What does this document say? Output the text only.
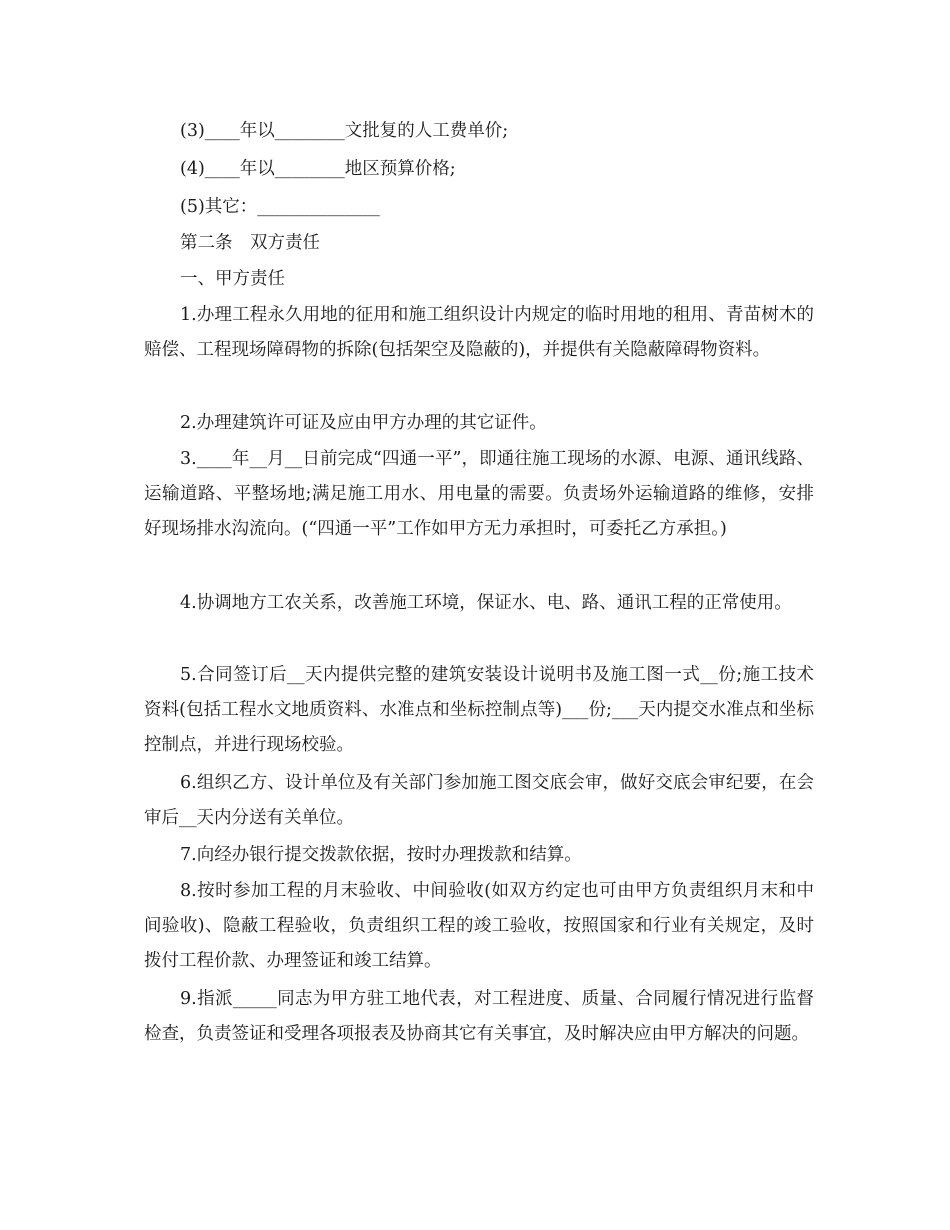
(3)____年以________文批复的人工费单价;

(4)____年以________地区预算价格;

(5)其它：______________

第二条　双方责任

一、甲方责任

1.办理工程永久用地的征用和施工组织设计内规定的临时用地的租用、青苗树木的赔偿、工程现场障碍物的拆除(包括架空及隐蔽的)，并提供有关隐蔽障碍物资料。

2.办理建筑许可证及应由甲方办理的其它证件。

3.____年__月__日前完成“四通一平”，即通往施工现场的水源、电源、通讯线路、运输道路、平整场地;满足施工用水、用电量的需要。负责场外运输道路的维修，安排好现场排水沟流向。(“四通一平”工作如甲方无力承担时，可委托乙方承担。)

4.协调地方工农关系，改善施工环境，保证水、电、路、通讯工程的正常使用。

5.合同签订后__天内提供完整的建筑安装设计说明书及施工图一式__份;施工技术资料(包括工程水文地质资料、水准点和坐标控制点等)___份;___天内提交水准点和坐标控制点，并进行现场校验。

6.组织乙方、设计单位及有关部门参加施工图交底会审，做好交底会审纪要，在会审后__天内分送有关单位。

7.向经办银行提交拨款依据，按时办理拨款和结算。

8.按时参加工程的月末验收、中间验收(如双方约定也可由甲方负责组织月末和中间验收)、隐蔽工程验收，负责组织工程的竣工验收，按照国家和行业有关规定，及时拨付工程价款、办理签证和竣工结算。

9.指派_____同志为甲方驻工地代表，对工程进度、质量、合同履行情况进行监督检查，负责签证和受理各项报表及协商其它有关事宜，及时解决应由甲方解决的问题。
